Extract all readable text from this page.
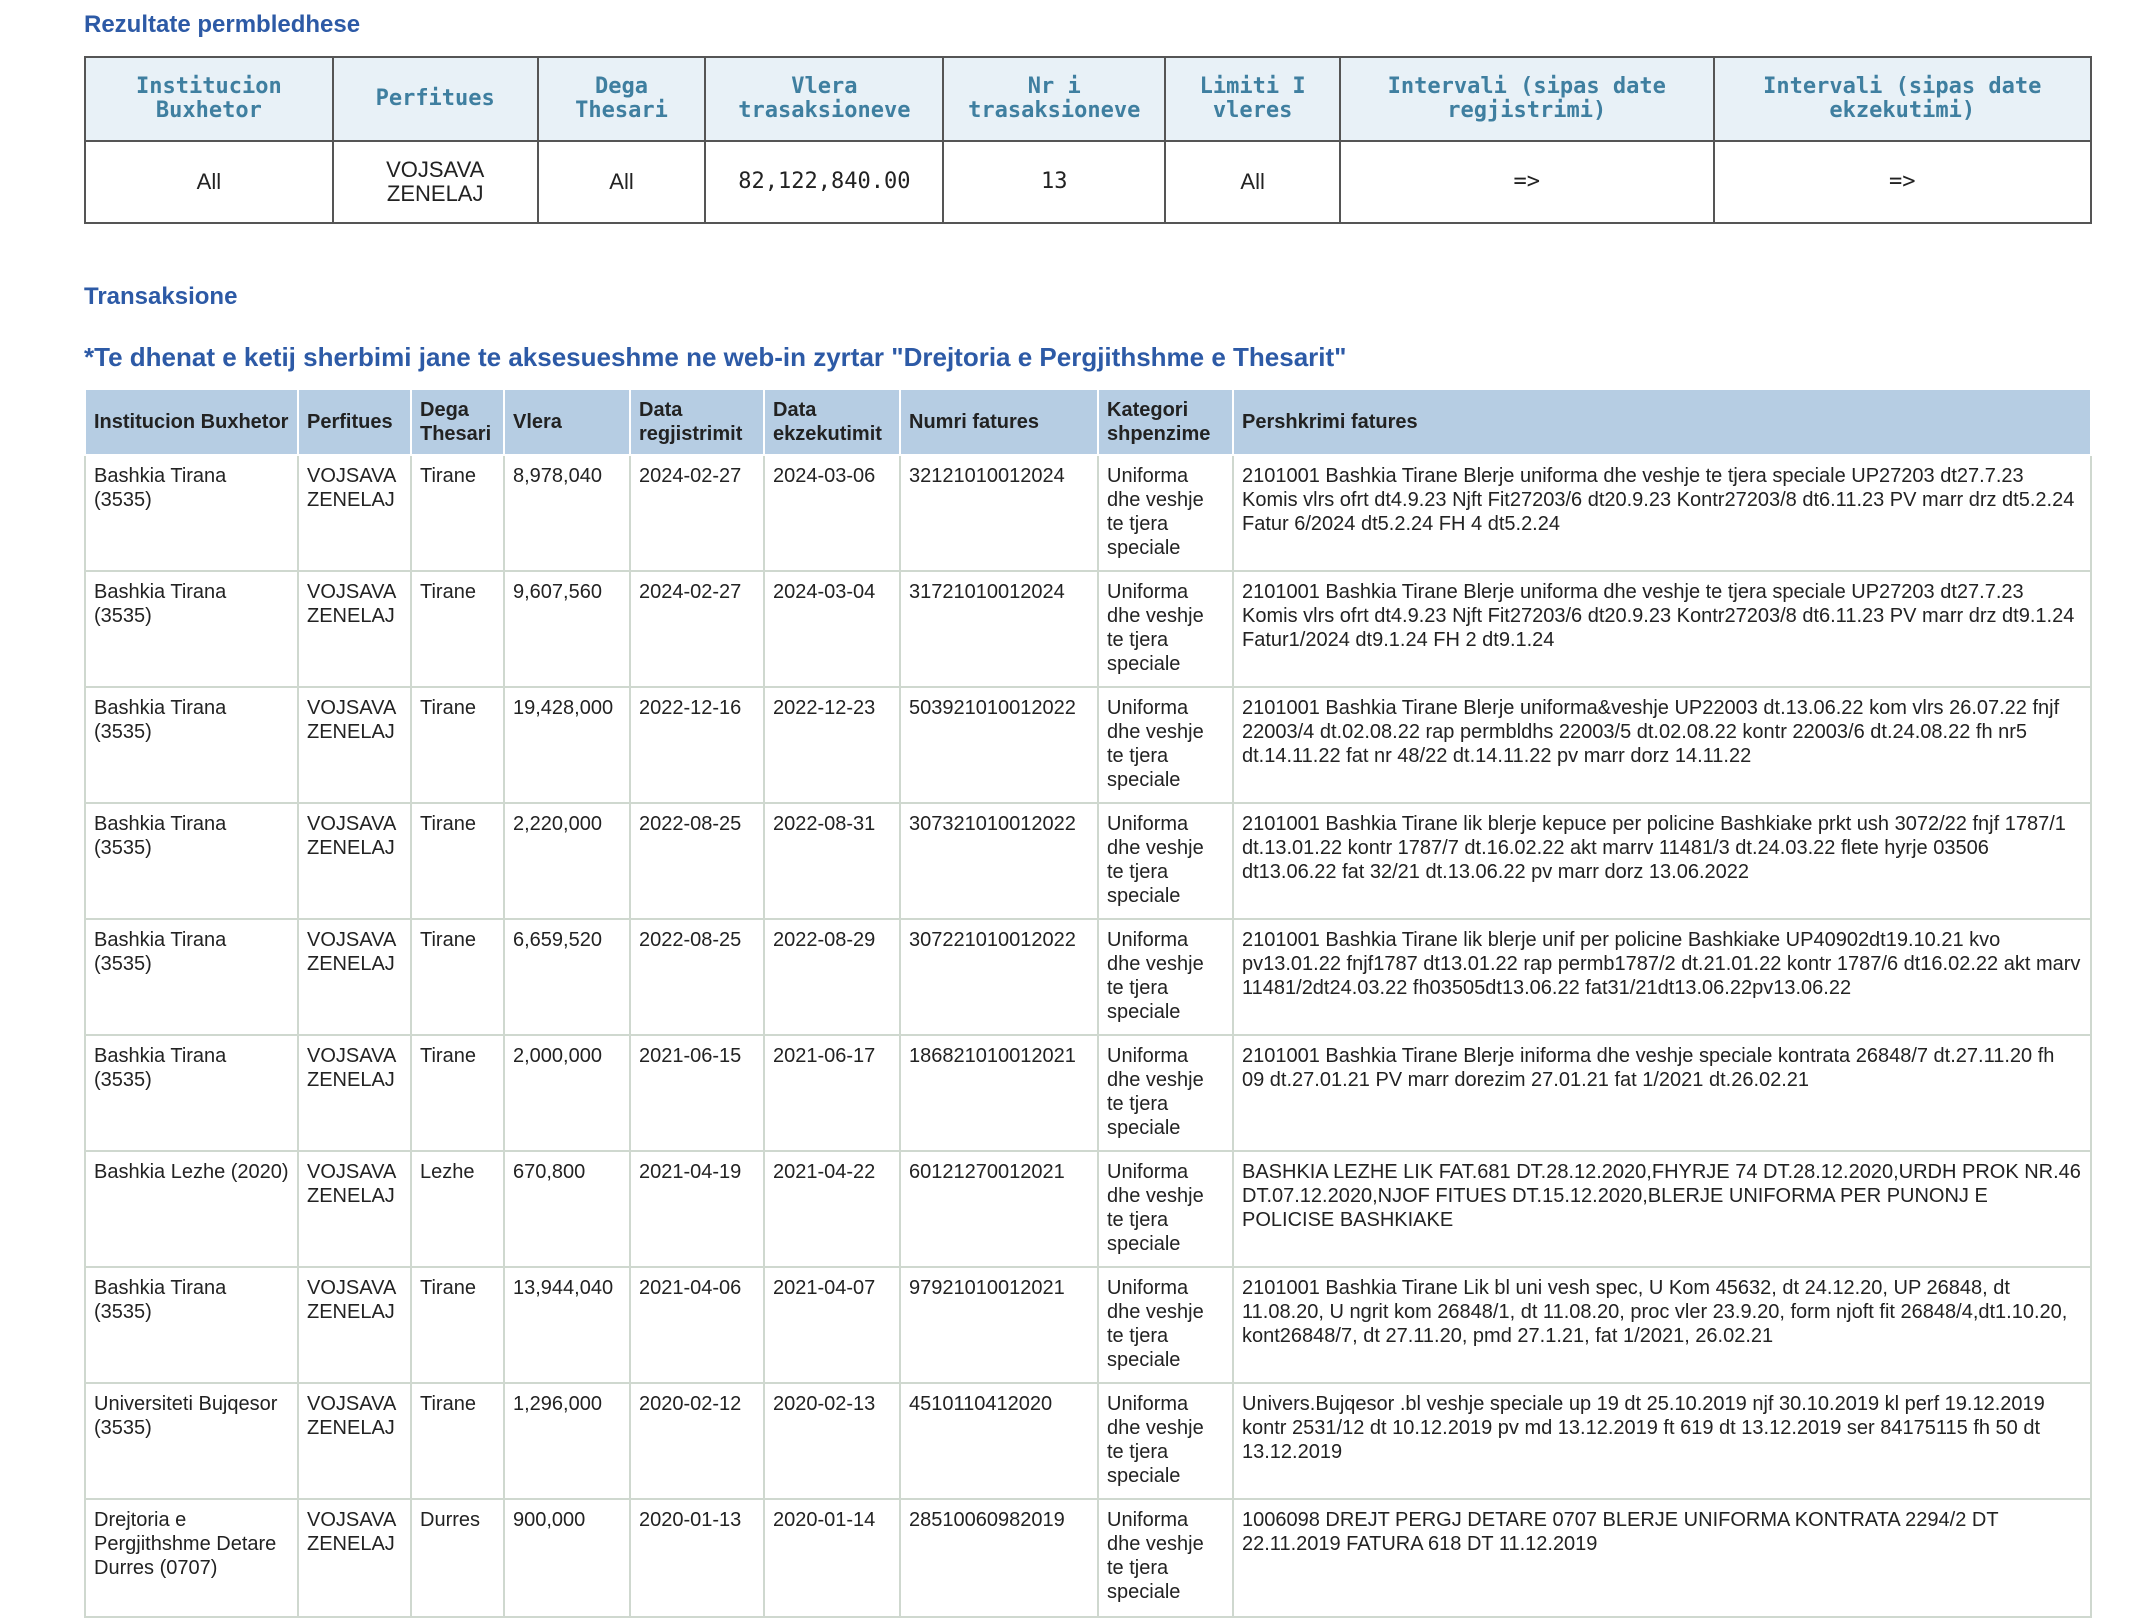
Rezultate permbledhese
Institucion Buxhetor	Perfitues	Dega Thesari	Vlera trasaksioneve	Nr i trasaksioneve	Limiti I vleres	Intervali (sipas date regjistrimi)	Intervali (sipas date ekzekutimi)
All	VOJSAVA ZENELAJ	All	82,122,840.00	13	All	=>	=>
Transaksione
*Te dhenat e ketij sherbimi jane te aksesueshme ne web-in zyrtar "Drejtoria e Pergjithshme e Thesarit"
Institucion Buxhetor	Perfitues	Dega Thesari	Vlera	Data regjistrimit	Data ekzekutimit	Numri fatures	Kategori shpenzime	Pershkrimi fatures
Bashkia Tirana (3535)	VOJSAVA ZENELAJ	Tirane	8,978,040	2024-02-27	2024-03-06	32121010012024	Uniforma dhe veshje te tjera speciale	2101001 Bashkia Tirane Blerje uniforma dhe veshje te tjera speciale UP27203 dt27.7.23 Komis vlrs ofrt dt4.9.23 Njft Fit27203/6 dt20.9.23 Kontr27203/8 dt6.11.23 PV marr drz dt5.2.24 Fatur 6/2024 dt5.2.24 FH 4 dt5.2.24
Bashkia Tirana (3535)	VOJSAVA ZENELAJ	Tirane	9,607,560	2024-02-27	2024-03-04	31721010012024	Uniforma dhe veshje te tjera speciale	2101001 Bashkia Tirane Blerje uniforma dhe veshje te tjera speciale UP27203 dt27.7.23 Komis vlrs ofrt dt4.9.23 Njft Fit27203/6 dt20.9.23 Kontr27203/8 dt6.11.23 PV marr drz dt9.1.24 Fatur1/2024 dt9.1.24 FH 2 dt9.1.24
Bashkia Tirana (3535)	VOJSAVA ZENELAJ	Tirane	19,428,000	2022-12-16	2022-12-23	503921010012022	Uniforma dhe veshje te tjera speciale	2101001 Bashkia Tirane Blerje uniforma&veshje UP22003 dt.13.06.22 kom vlrs 26.07.22 fnjf 22003/4 dt.02.08.22 rap permbldhs 22003/5 dt.02.08.22 kontr 22003/6 dt.24.08.22 fh nr5 dt.14.11.22 fat nr 48/22 dt.14.11.22 pv marr dorz 14.11.22
Bashkia Tirana (3535)	VOJSAVA ZENELAJ	Tirane	2,220,000	2022-08-25	2022-08-31	307321010012022	Uniforma dhe veshje te tjera speciale	2101001 Bashkia Tirane lik blerje kepuce per policine Bashkiake prkt ush 3072/22 fnjf 1787/1 dt.13.01.22 kontr 1787/7 dt.16.02.22 akt marrv 11481/3 dt.24.03.22 flete hyrje 03506 dt13.06.22 fat 32/21 dt.13.06.22 pv marr dorz 13.06.2022
Bashkia Tirana (3535)	VOJSAVA ZENELAJ	Tirane	6,659,520	2022-08-25	2022-08-29	307221010012022	Uniforma dhe veshje te tjera speciale	2101001 Bashkia Tirane lik blerje unif per policine Bashkiake UP40902dt19.10.21 kvo pv13.01.22 fnjf1787 dt13.01.22 rap permb1787/2 dt.21.01.22 kontr 1787/6 dt16.02.22 akt marv 11481/2dt24.03.22 fh03505dt13.06.22 fat31/21dt13.06.22pv13.06.22
Bashkia Tirana (3535)	VOJSAVA ZENELAJ	Tirane	2,000,000	2021-06-15	2021-06-17	186821010012021	Uniforma dhe veshje te tjera speciale	2101001 Bashkia Tirane Blerje iniforma dhe veshje speciale kontrata 26848/7 dt.27.11.20 fh 09 dt.27.01.21 PV marr dorezim 27.01.21 fat 1/2021 dt.26.02.21
Bashkia Lezhe (2020)	VOJSAVA ZENELAJ	Lezhe	670,800	2021-04-19	2021-04-22	60121270012021	Uniforma dhe veshje te tjera speciale	BASHKIA LEZHE LIK FAT.681 DT.28.12.2020,FHYRJE 74 DT.28.12.2020,URDH PROK NR.46 DT.07.12.2020,NJOF FITUES DT.15.12.2020,BLERJE UNIFORMA PER PUNONJ E POLICISE BASHKIAKE
Bashkia Tirana (3535)	VOJSAVA ZENELAJ	Tirane	13,944,040	2021-04-06	2021-04-07	97921010012021	Uniforma dhe veshje te tjera speciale	2101001 Bashkia Tirane Lik bl uni vesh spec, U Kom 45632, dt 24.12.20, UP 26848, dt 11.08.20, U ngrit kom 26848/1, dt 11.08.20, proc vler 23.9.20, form njoft fit 26848/4,dt1.10.20, kont26848/7, dt 27.11.20, pmd 27.1.21, fat 1/2021, 26.02.21
Universiteti Bujqesor (3535)	VOJSAVA ZENELAJ	Tirane	1,296,000	2020-02-12	2020-02-13	4510110412020	Uniforma dhe veshje te tjera speciale	Univers.Bujqesor .bl veshje speciale up 19 dt 25.10.2019 njf 30.10.2019 kl perf 19.12.2019 kontr 2531/12 dt 10.12.2019 pv md 13.12.2019 ft 619 dt 13.12.2019 ser 84175115 fh 50 dt 13.12.2019
Drejtoria e Pergjithshme Detare Durres (0707)	VOJSAVA ZENELAJ	Durres	900,000	2020-01-13	2020-01-14	28510060982019	Uniforma dhe veshje te tjera speciale	1006098 DREJT PERGJ DETARE 0707 BLERJE UNIFORMA KONTRATA 2294/2 DT 22.11.2019 FATURA 618 DT 11.12.2019
